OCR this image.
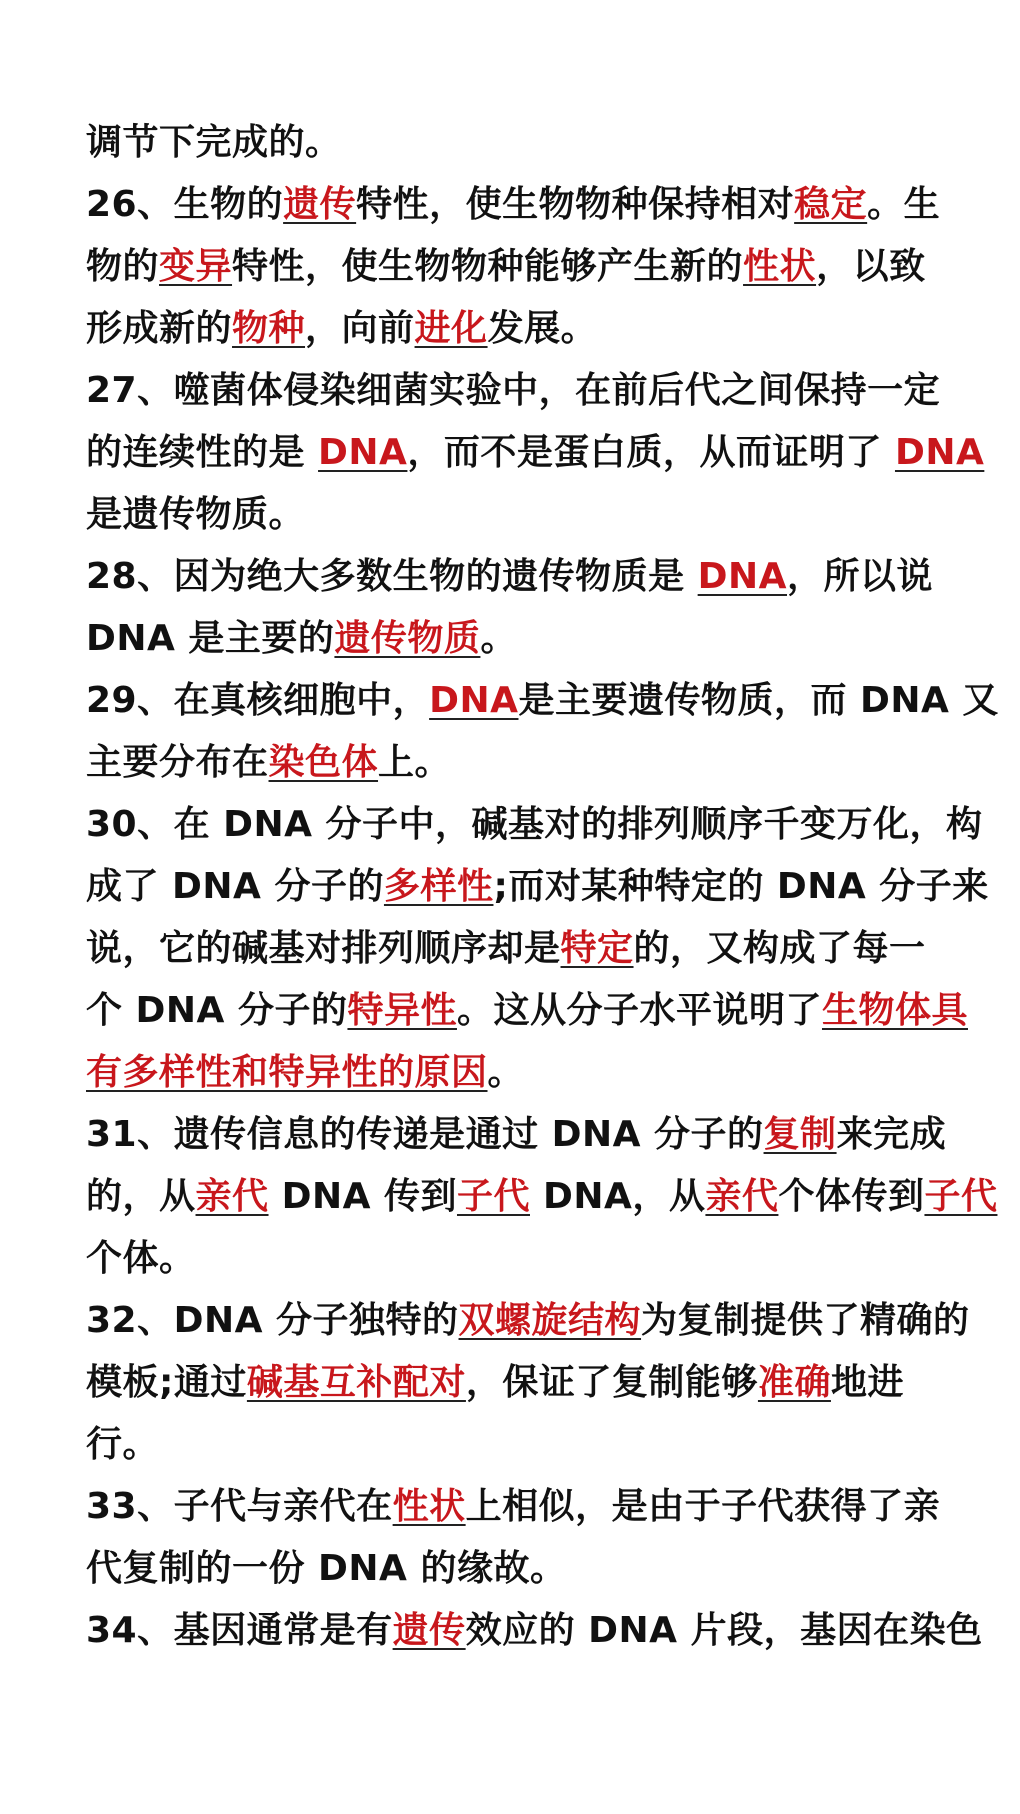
调节下完成的。
26、生物的遗传特性，使生物物种保持相对稳定。生
物的变异特性，使生物物种能够产生新的性状，以致
形成新的物种，向前进化发展。
27、噬菌体侵染细菌实验中，在前后代之间保持一定
的连续性的是 DNA，而不是蛋白质，从而证明了 DNA
是遗传物质。
28、因为绝大多数生物的遗传物质是 DNA，所以说
DNA 是主要的遗传物质。
29、在真核细胞中，DNA是主要遗传物质，而 DNA 又
主要分布在染色体上。
30、在 DNA 分子中，碱基对的排列顺序千变万化，构
成了 DNA 分子的多样性;而对某种特定的 DNA 分子来
说，它的碱基对排列顺序却是特定的，又构成了每一
个 DNA 分子的特异性。这从分子水平说明了生物体具
有多样性和特异性的原因。
31、遗传信息的传递是通过 DNA 分子的复制来完成
的，从亲代 DNA 传到子代 DNA，从亲代个体传到子代
个体。
32、DNA 分子独特的双螺旋结构为复制提供了精确的
模板;通过碱基互补配对，保证了复制能够准确地进
行。
33、子代与亲代在性状上相似，是由于子代获得了亲
代复制的一份 DNA 的缘故。
34、基因通常是有遗传效应的 DNA 片段，基因在染色
